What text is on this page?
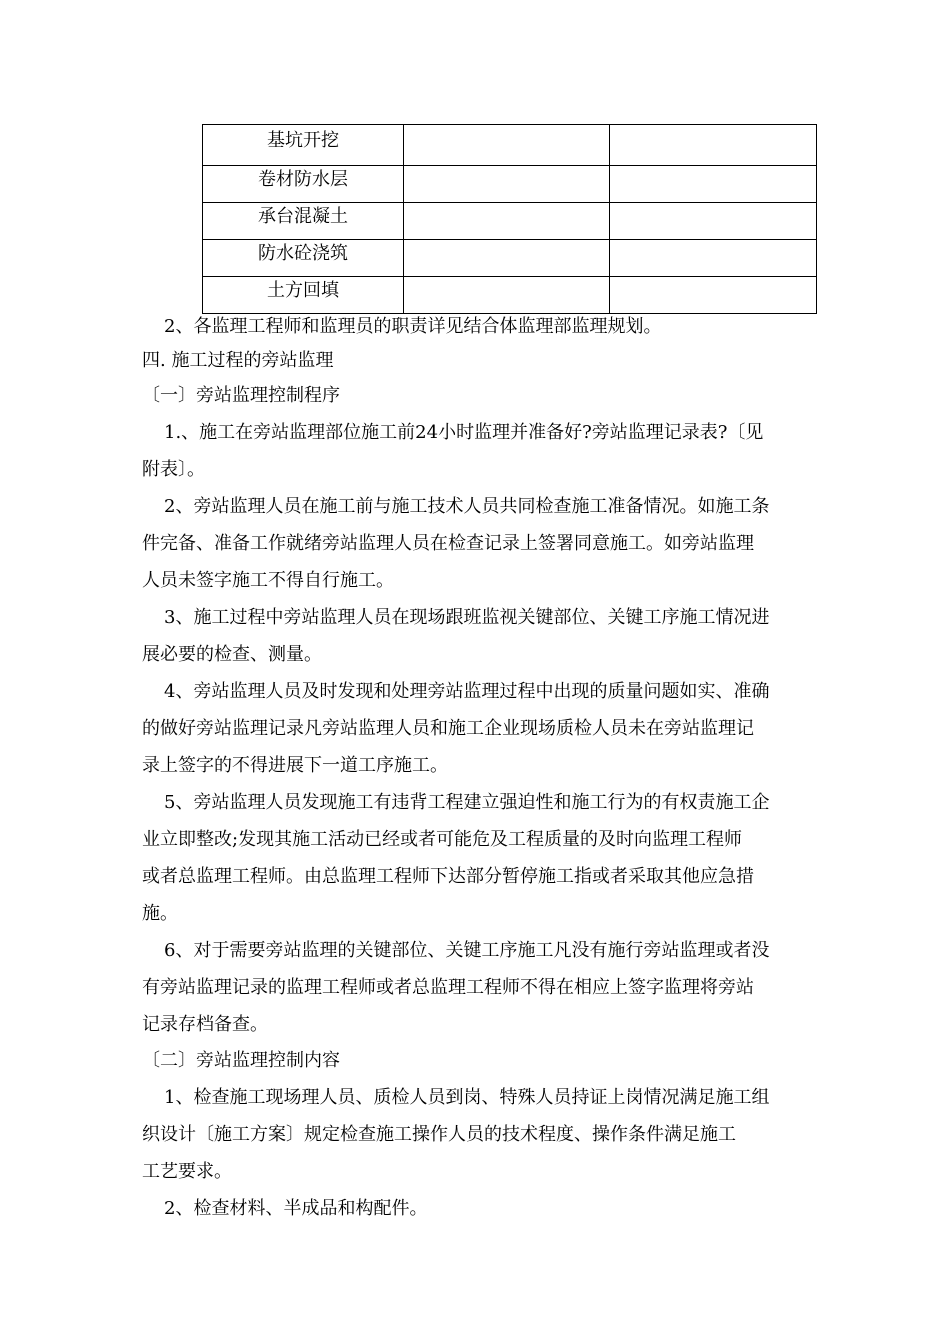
基坑开挖		
卷材防水层		
承台混凝土		
防水砼浇筑		
土方回填		

2、各监理工程师和监理员的职责详见结合体监理部监理规划。

四. 施工过程的旁站监理

〔一〕旁站监理控制程序

1.、施工在旁站监理部位施工前24小时监理并准备好?旁站监理记录表?〔见

附表〕。

2、旁站监理人员在施工前与施工技术人员共同检查施工准备情况。如施工条

件完备、准备工作就绪旁站监理人员在检查记录上签署同意施工。如旁站监理

人员未签字施工不得自行施工。

3、施工过程中旁站监理人员在现场跟班监视关键部位、关键工序施工情况进

展必要的检查、测量。

4、旁站监理人员及时发现和处理旁站监理过程中出现的质量问题如实、准确

的做好旁站监理记录凡旁站监理人员和施工企业现场质检人员未在旁站监理记

录上签字的不得进展下一道工序施工。

5、旁站监理人员发现施工有违背工程建立强迫性和施工行为的有权责施工企

业立即整改;发现其施工活动已经或者可能危及工程质量的及时向监理工程师

或者总监理工程师。由总监理工程师下达部分暂停施工指或者采取其他应急措

施。

6、对于需要旁站监理的关键部位、关键工序施工凡没有施行旁站监理或者没

有旁站监理记录的监理工程师或者总监理工程师不得在相应上签字监理将旁站

记录存档备查。

〔二〕旁站监理控制内容

1、检查施工现场理人员、质检人员到岗、特殊人员持证上岗情况满足施工组

织设计〔施工方案〕规定检查施工操作人员的技术程度、操作条件满足施工

工艺要求。

2、检查材料、半成品和构配件。
